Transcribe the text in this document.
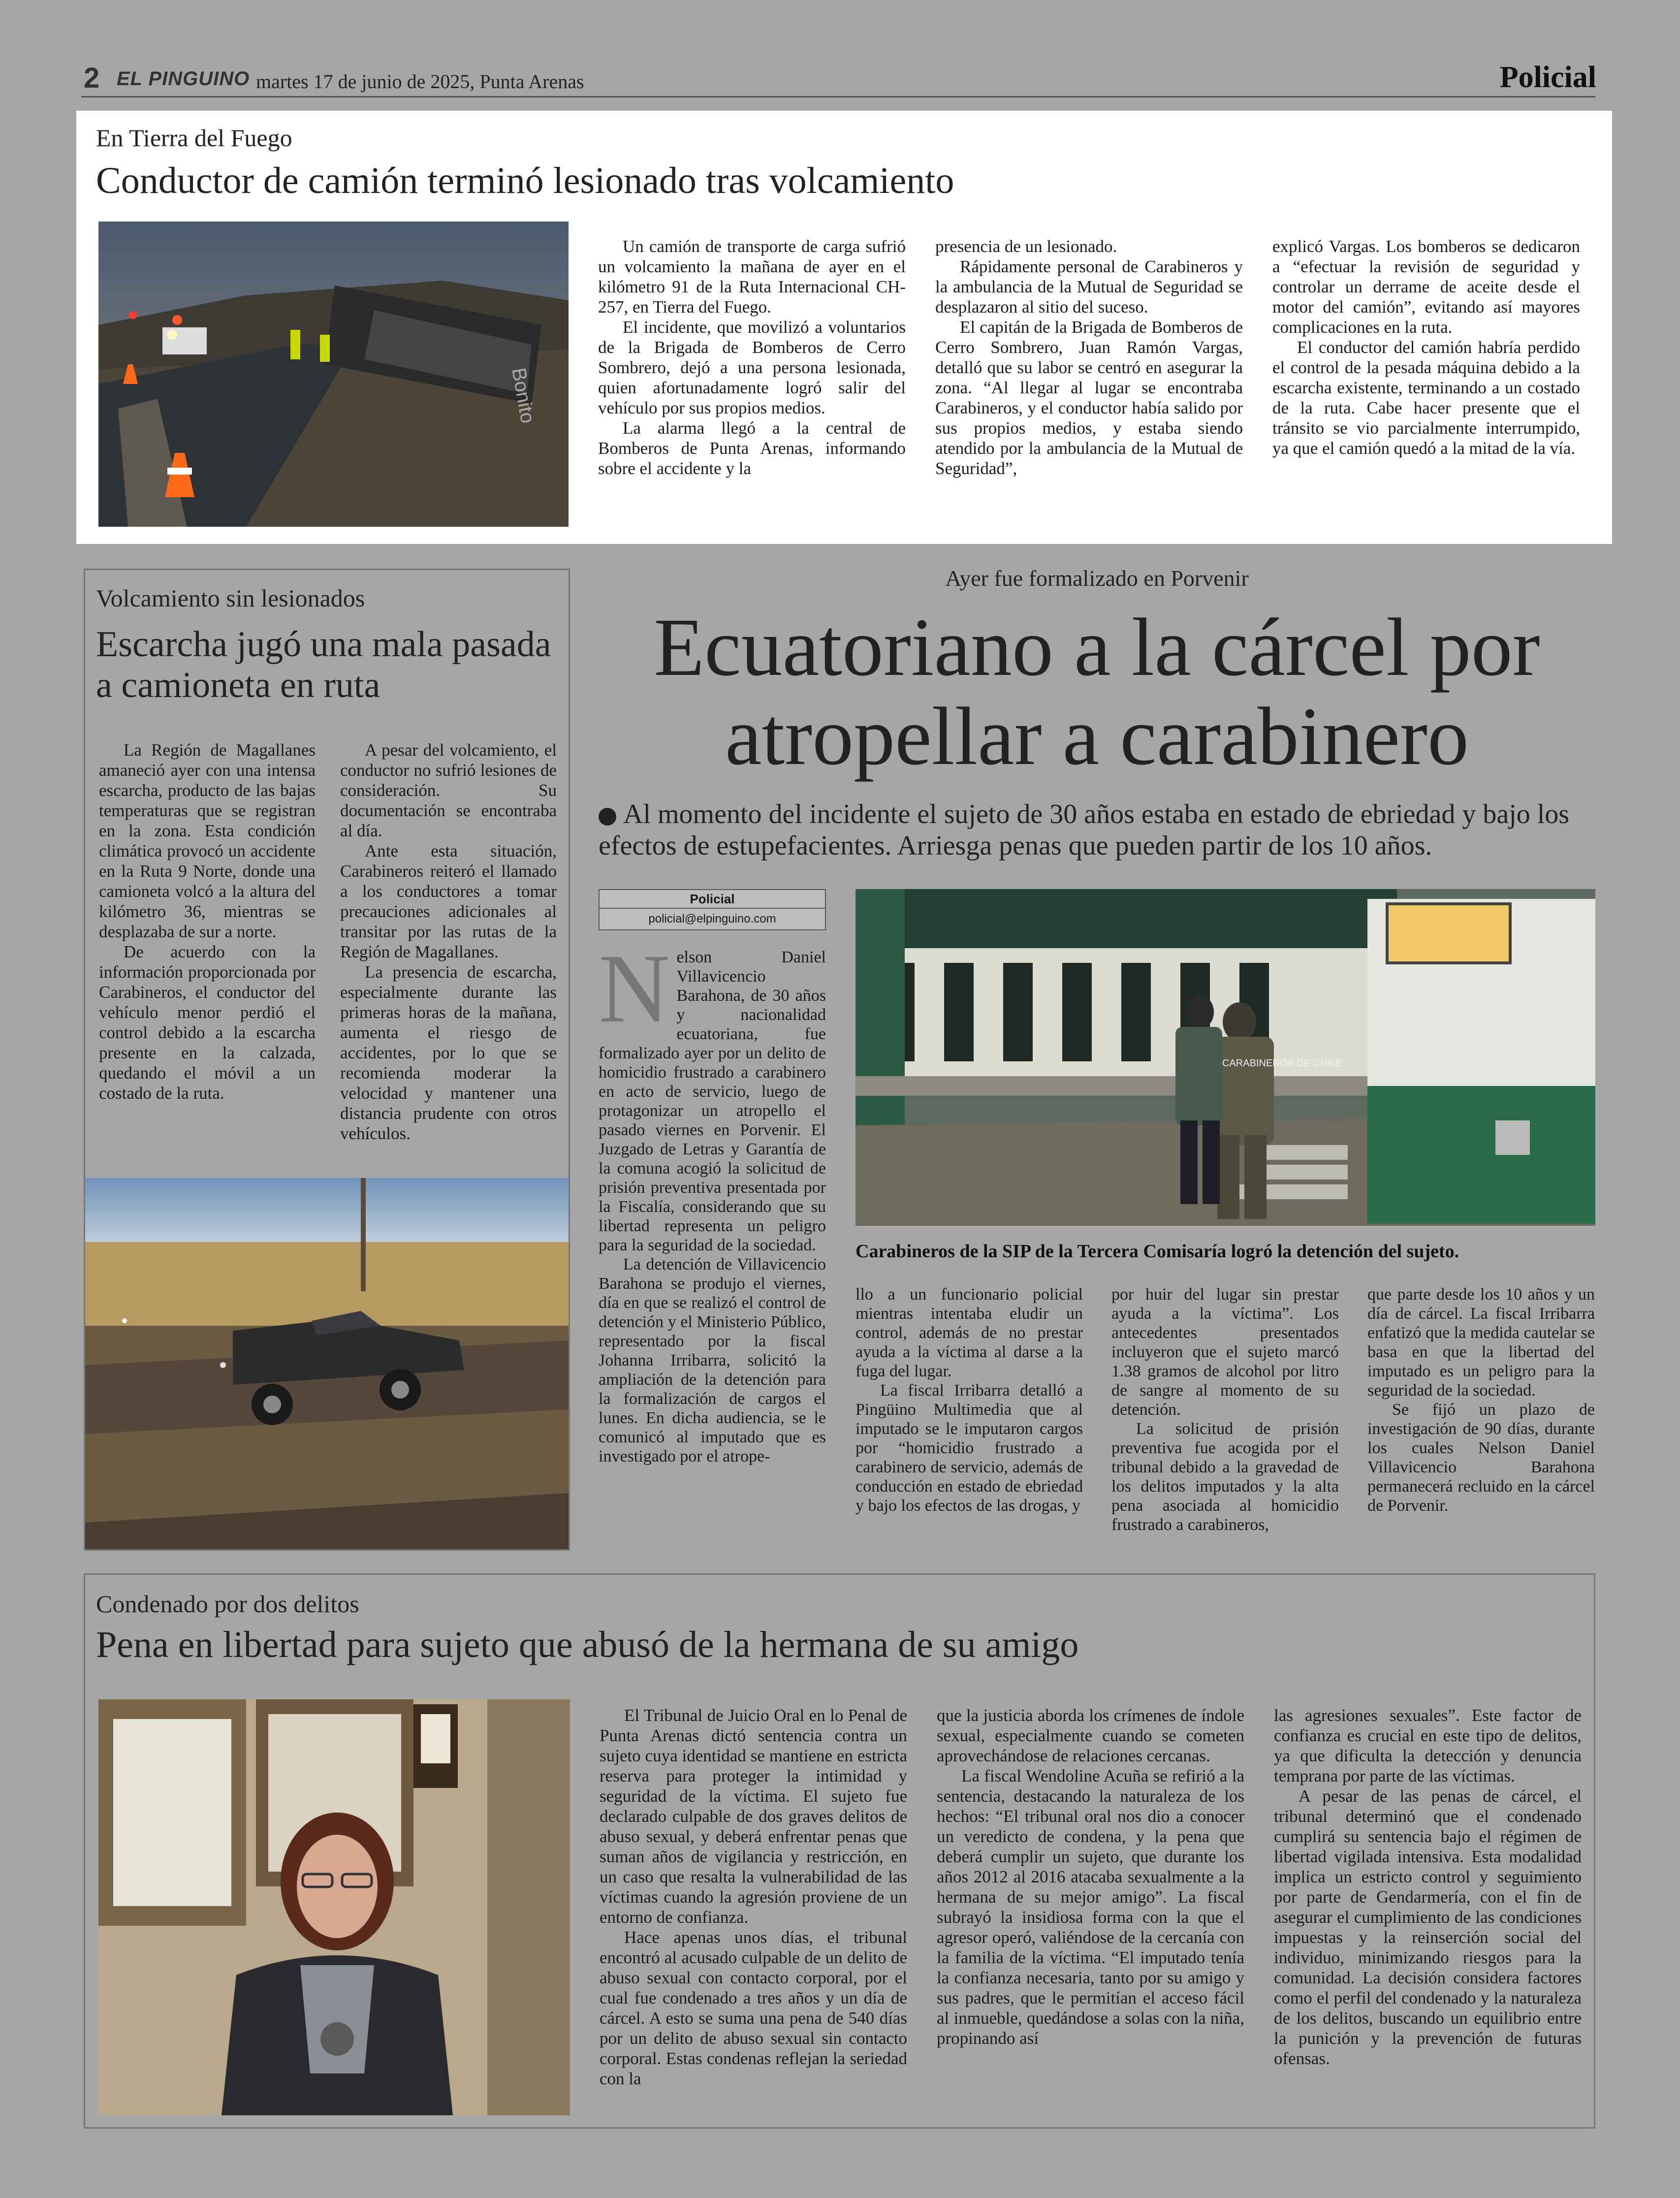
2 EL PINGUINO martes 17 de junio de 2025, Punta Arenas	Policial
En Tierra del Fuego
Conductor de camión terminó lesionado tras volcamiento
Bonito

Un camión de transporte de carga sufrió un volcamiento la mañana de ayer en el kilómetro 91 de la Ruta Internacional CH-257, en Tierra del Fuego.

El incidente, que movilizó a voluntarios de la Brigada de Bomberos de Cerro Sombrero, dejó a una persona lesionada, quien afortunadamente logró salir del vehículo por sus propios medios.

La alarma llegó a la central de Bomberos de Punta Arenas, informando sobre el accidente y la

presencia de un lesionado.

Rápidamente personal de Carabineros y la ambulancia de la Mutual de Seguridad se desplazaron al sitio del suceso.

El capitán de la Brigada de Bomberos de Cerro Sombrero, Juan Ramón Vargas, detalló que su labor se centró en asegurar la zona. “Al llegar al lugar se encontraba Carabineros, y el conductor había salido por sus propios medios, y estaba siendo atendido por la ambulancia de la Mutual de Seguridad”,

explicó Vargas. Los bomberos se dedicaron a “efectuar la revisión de seguridad y controlar un derrame de aceite desde el motor del camión”, evitando así mayores complicaciones en la ruta.

El conductor del camión habría perdido el control de la pesada máquina debido a la escarcha existente, terminando a un costado de la ruta. Cabe hacer presente que el tránsito se vio parcialmente interrumpido, ya que el camión quedó a la mitad de la vía.

Volcamiento sin lesionados
Escarcha jugó una mala pasada a camioneta en ruta

La Región de Magallanes amaneció ayer con una intensa escarcha, producto de las bajas temperaturas que se registran en la zona. Esta condición climática provocó un accidente en la Ruta 9 Norte, donde una camioneta volcó a la altura del kilómetro 36, mientras se desplazaba de sur a norte.

De acuerdo con la información proporcionada por Carabineros, el conductor del vehículo menor perdió el control debido a la escarcha presente en la calzada, quedando el móvil a un costado de la ruta.

A pesar del volcamiento, el conductor no sufrió lesiones de consideración. Su documentación se encontraba al día.

Ante esta situación, Carabineros reiteró el llamado a los conductores a tomar precauciones adicionales al transitar por las rutas de la Región de Magallanes.

La presencia de escarcha, especialmente durante las primeras horas de la mañana, aumenta el riesgo de accidentes, por lo que se recomienda moderar la velocidad y mantener una distancia prudente con otros vehículos.

Ayer fue formalizado en Porvenir
Ecuatoriano a la cárcel por atropellar a carabinero
Al momento del incidente el sujeto de 30 años estaba en estado de ebriedad y bajo los efectos de estupefacientes. Arriesga penas que pueden partir de los 10 años.
Policial
policial@elpinguino.com
N elson Daniel Villavicencio Barahona, de 30 años y nacionalidad ecuatoriana, fue formalizado ayer por un delito de homicidio frustrado a carabinero en acto de servicio, luego de protagonizar un atropello el pasado viernes en Porvenir. El Juzgado de Letras y Garantía de la comuna acogió la solicitud de prisión preventiva presentada por la Fiscalía, considerando que su libertad representa un peligro para la seguridad de la sociedad.

La detención de Villavicencio Barahona se produjo el viernes, día en que se realizó el control de detención y el Ministerio Público, representado por la fiscal Johanna Irribarra, solicitó la ampliación de la detención para la formalización de cargos el lunes. En dicha audiencia, se le comunicó al imputado que es investigado por el atrope-

CARABINEROS DE CHILE
Carabineros de la SIP de la Tercera Comisaría logró la detención del sujeto.

llo a un funcionario policial mientras intentaba eludir un control, además de no prestar ayuda a la víctima al darse a la fuga del lugar.

La fiscal Irribarra detalló a Pingüino Multimedia que al imputado se le imputaron cargos por “homicidio frustrado a carabinero de servicio, además de conducción en estado de ebriedad y bajo los efectos de las drogas, y

por huir del lugar sin prestar ayuda a la víctima”. Los antecedentes presentados incluyeron que el sujeto marcó 1.38 gramos de alcohol por litro de sangre al momento de su detención.

La solicitud de prisión preventiva fue acogida por el tribunal debido a la gravedad de los delitos imputados y la alta pena asociada al homicidio frustrado a carabineros,

que parte desde los 10 años y un día de cárcel. La fiscal Irribarra enfatizó que la medida cautelar se basa en que la libertad del imputado es un peligro para la seguridad de la sociedad.

Se fijó un plazo de investigación de 90 días, durante los cuales Nelson Daniel Villavicencio Barahona permanecerá recluido en la cárcel de Porvenir.

Condenado por dos delitos
Pena en libertad para sujeto que abusó de la hermana de su amigo

El Tribunal de Juicio Oral en lo Penal de Punta Arenas dictó sentencia contra un sujeto cuya identidad se mantiene en estricta reserva para proteger la intimidad y seguridad de la víctima. El sujeto fue declarado culpable de dos graves delitos de abuso sexual, y deberá enfrentar penas que suman años de vigilancia y restricción, en un caso que resalta la vulnerabilidad de las víctimas cuando la agresión proviene de un entorno de confianza.

Hace apenas unos días, el tribunal encontró al acusado culpable de un delito de abuso sexual con contacto corporal, por el cual fue condenado a tres años y un día de cárcel. A esto se suma una pena de 540 días por un delito de abuso sexual sin contacto corporal. Estas condenas reflejan la seriedad con la

que la justicia aborda los crímenes de índole sexual, especialmente cuando se cometen aprovechándose de relaciones cercanas.

La fiscal Wendoline Acuña se refirió a la sentencia, destacando la naturaleza de los hechos: “El tribunal oral nos dio a conocer un veredicto de condena, y la pena que deberá cumplir un sujeto, que durante los años 2012 al 2016 atacaba sexualmente a la hermana de su mejor amigo”. La fiscal subrayó la insidiosa forma con la que el agresor operó, valiéndose de la cercanía con la familia de la víctima. “El imputado tenía la confianza necesaria, tanto por su amigo y sus padres, que le permitían el acceso fácil al inmueble, quedándose a solas con la niña, propinando así

las agresiones sexuales”. Este factor de confianza es crucial en este tipo de delitos, ya que dificulta la detección y denuncia temprana por parte de las víctimas.

A pesar de las penas de cárcel, el tribunal determinó que el condenado cumplirá su sentencia bajo el régimen de libertad vigilada intensiva. Esta modalidad implica un estricto control y seguimiento por parte de Gendarmería, con el fin de asegurar el cumplimiento de las condiciones impuestas y la reinserción social del individuo, minimizando riesgos para la comunidad. La decisión considera factores como el perfil del condenado y la naturaleza de los delitos, buscando un equilibrio entre la punición y la prevención de futuras ofensas.
